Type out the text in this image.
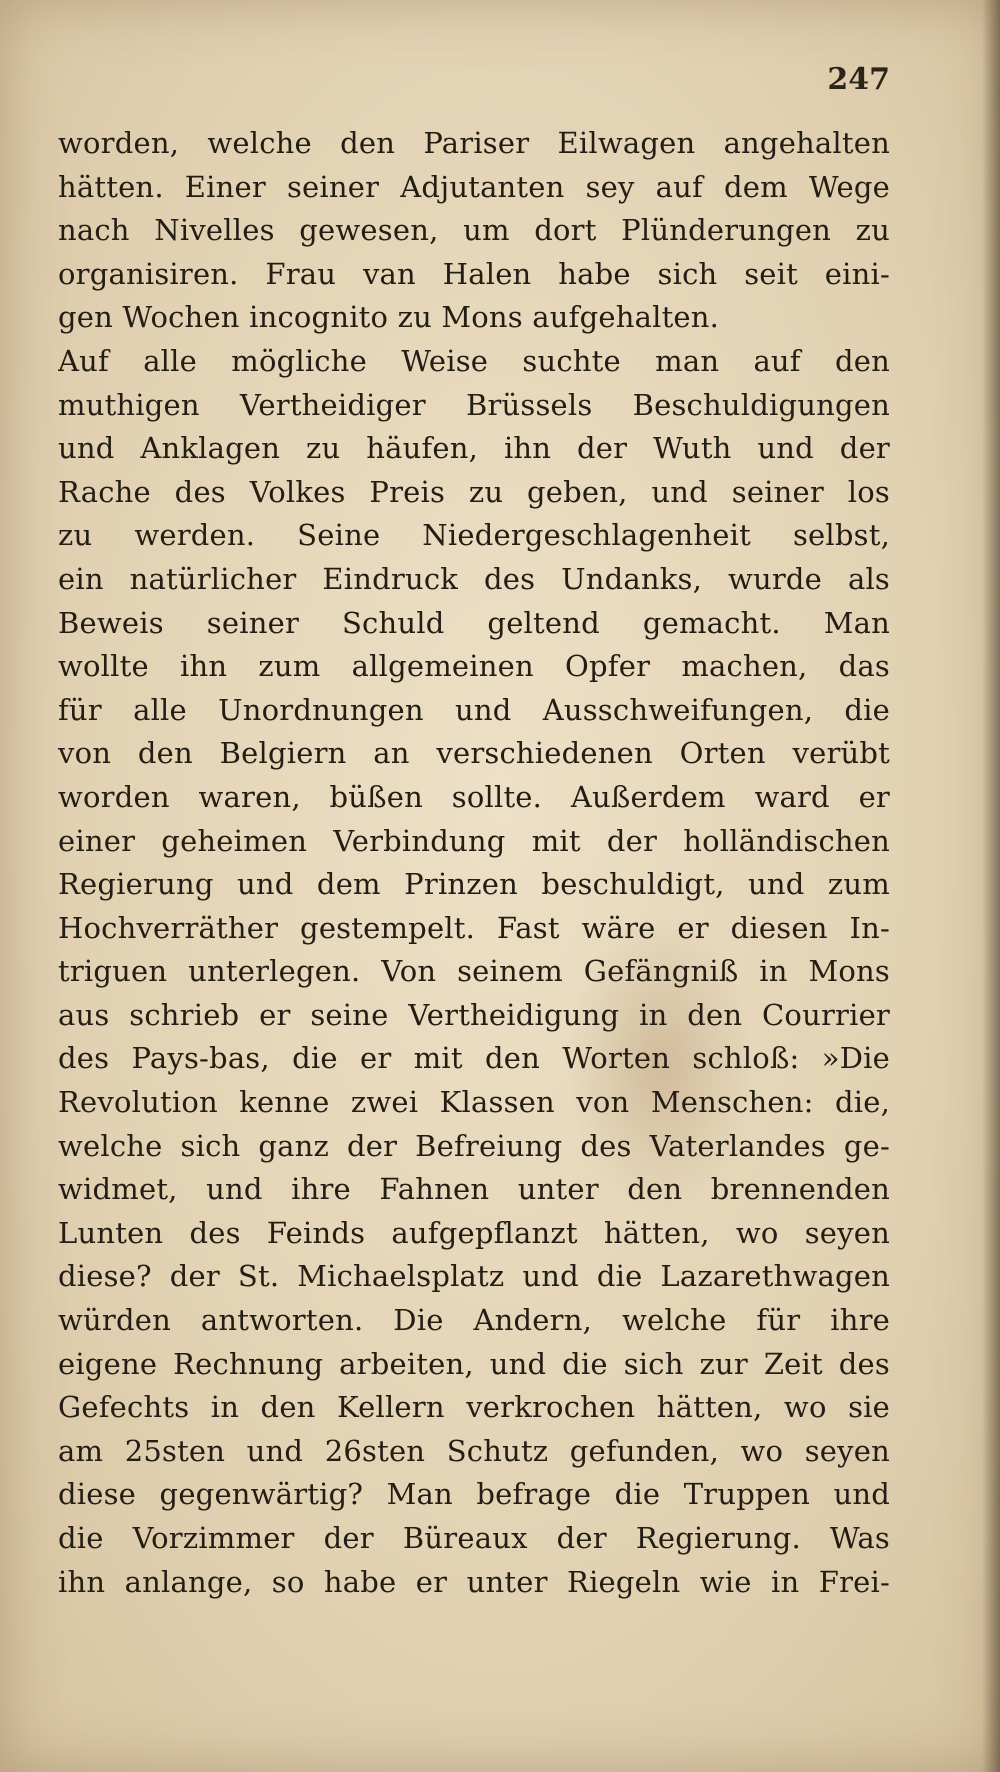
247
worden, welche den Pariser Eilwagen angehalten
hätten. Einer seiner Adjutanten sey auf dem Wege
nach Nivelles gewesen, um dort Plünderungen zu
organisiren. Frau van Halen habe sich seit eini-
gen Wochen incognito zu Mons aufgehalten.
Auf alle mögliche Weise suchte man auf den
muthigen Vertheidiger Brüssels Beschuldigungen
und Anklagen zu häufen, ihn der Wuth und der
Rache des Volkes Preis zu geben, und seiner los
zu werden. Seine Niedergeschlagenheit selbst,
ein natürlicher Eindruck des Undanks, wurde als
Beweis seiner Schuld geltend gemacht. Man
wollte ihn zum allgemeinen Opfer machen, das
für alle Unordnungen und Ausschweifungen, die
von den Belgiern an verschiedenen Orten verübt
worden waren, büßen sollte. Außerdem ward er
einer geheimen Verbindung mit der holländischen
Regierung und dem Prinzen beschuldigt, und zum
Hochverräther gestempelt. Fast wäre er diesen In-
triguen unterlegen. Von seinem Gefängniß in Mons
aus schrieb er seine Vertheidigung in den Courrier
des Pays-bas, die er mit den Worten schloß: »Die
Revolution kenne zwei Klassen von Menschen: die,
welche sich ganz der Befreiung des Vaterlandes ge-
widmet, und ihre Fahnen unter den brennenden
Lunten des Feinds aufgepflanzt hätten, wo seyen
diese? der St. Michaelsplatz und die Lazarethwagen
würden antworten. Die Andern, welche für ihre
eigene Rechnung arbeiten, und die sich zur Zeit des
Gefechts in den Kellern verkrochen hätten, wo sie
am 25sten und 26sten Schutz gefunden, wo seyen
diese gegenwärtig? Man befrage die Truppen und
die Vorzimmer der Büreaux der Regierung. Was
ihn anlange, so habe er unter Riegeln wie in Frei-
